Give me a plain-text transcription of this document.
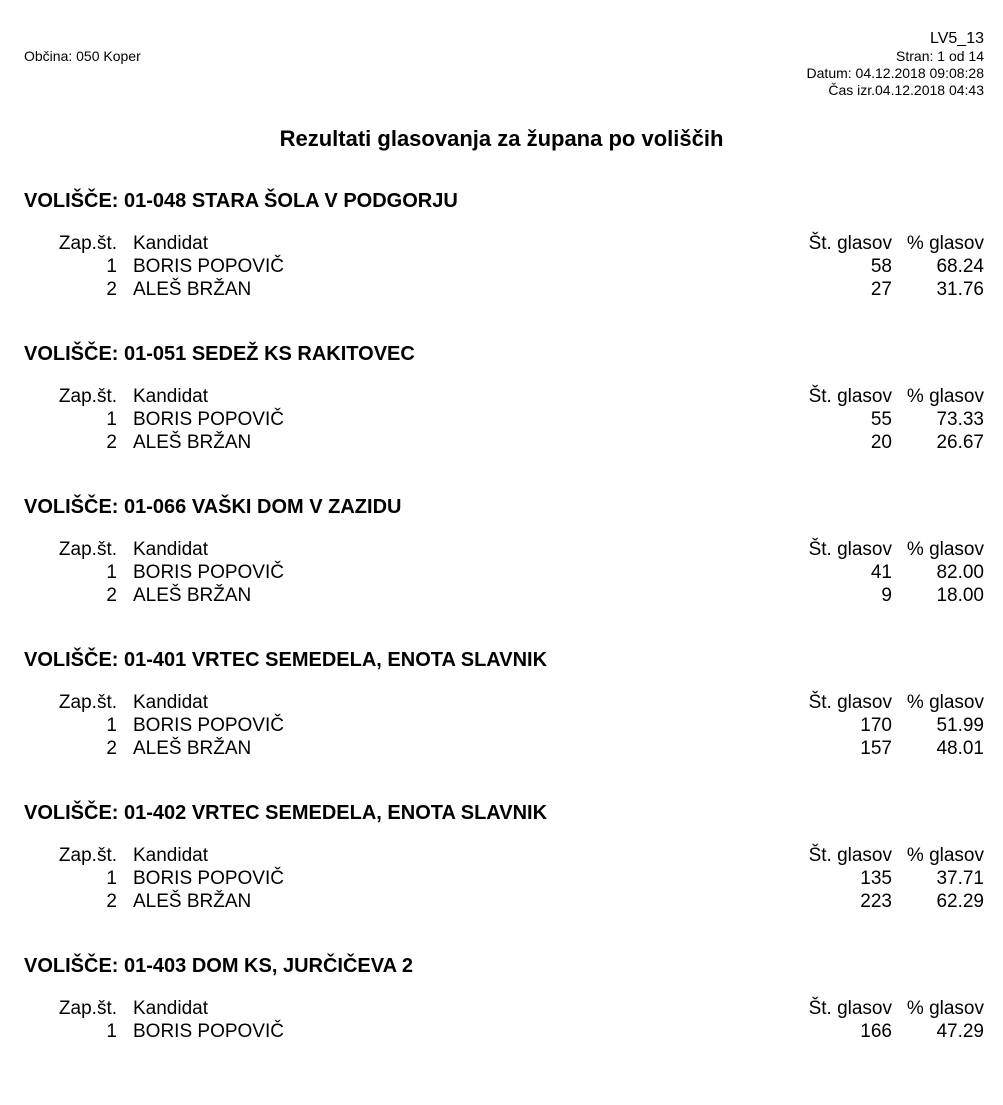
Občina: 050 Koper
LV5_13
Stran: 1 od 14
Datum: 04.12.2018 09:08:28
Čas izr.04.12.2018 04:43
Rezultati glasovanja za župana po voliščih
VOLIŠČE: 01-048 STARA ŠOLA V PODGORJU
Zap.št. Kandidat	Št. glasov % glasov
1 BORIS POPOVIČ	58 68.24
2 ALEŠ BRŽAN	27 31.76
VOLIŠČE: 01-051 SEDEŽ KS RAKITOVEC
Zap.št. Kandidat	Št. glasov % glasov
1 BORIS POPOVIČ	55 73.33
2 ALEŠ BRŽAN	20 26.67
VOLIŠČE: 01-066 VAŠKI DOM V ZAZIDU
Zap.št. Kandidat	Št. glasov % glasov
1 BORIS POPOVIČ	41 82.00
2 ALEŠ BRŽAN	9 18.00
VOLIŠČE: 01-401 VRTEC SEMEDELA, ENOTA SLAVNIK
Zap.št. Kandidat	Št. glasov % glasov
1 BORIS POPOVIČ	170 51.99
2 ALEŠ BRŽAN	157 48.01
VOLIŠČE: 01-402 VRTEC SEMEDELA, ENOTA SLAVNIK
Zap.št. Kandidat	Št. glasov % glasov
1 BORIS POPOVIČ	135 37.71
2 ALEŠ BRŽAN	223 62.29
VOLIŠČE: 01-403 DOM KS, JURČIČEVA 2
Zap.št. Kandidat	Št. glasov % glasov
1 BORIS POPOVIČ	166 47.29
